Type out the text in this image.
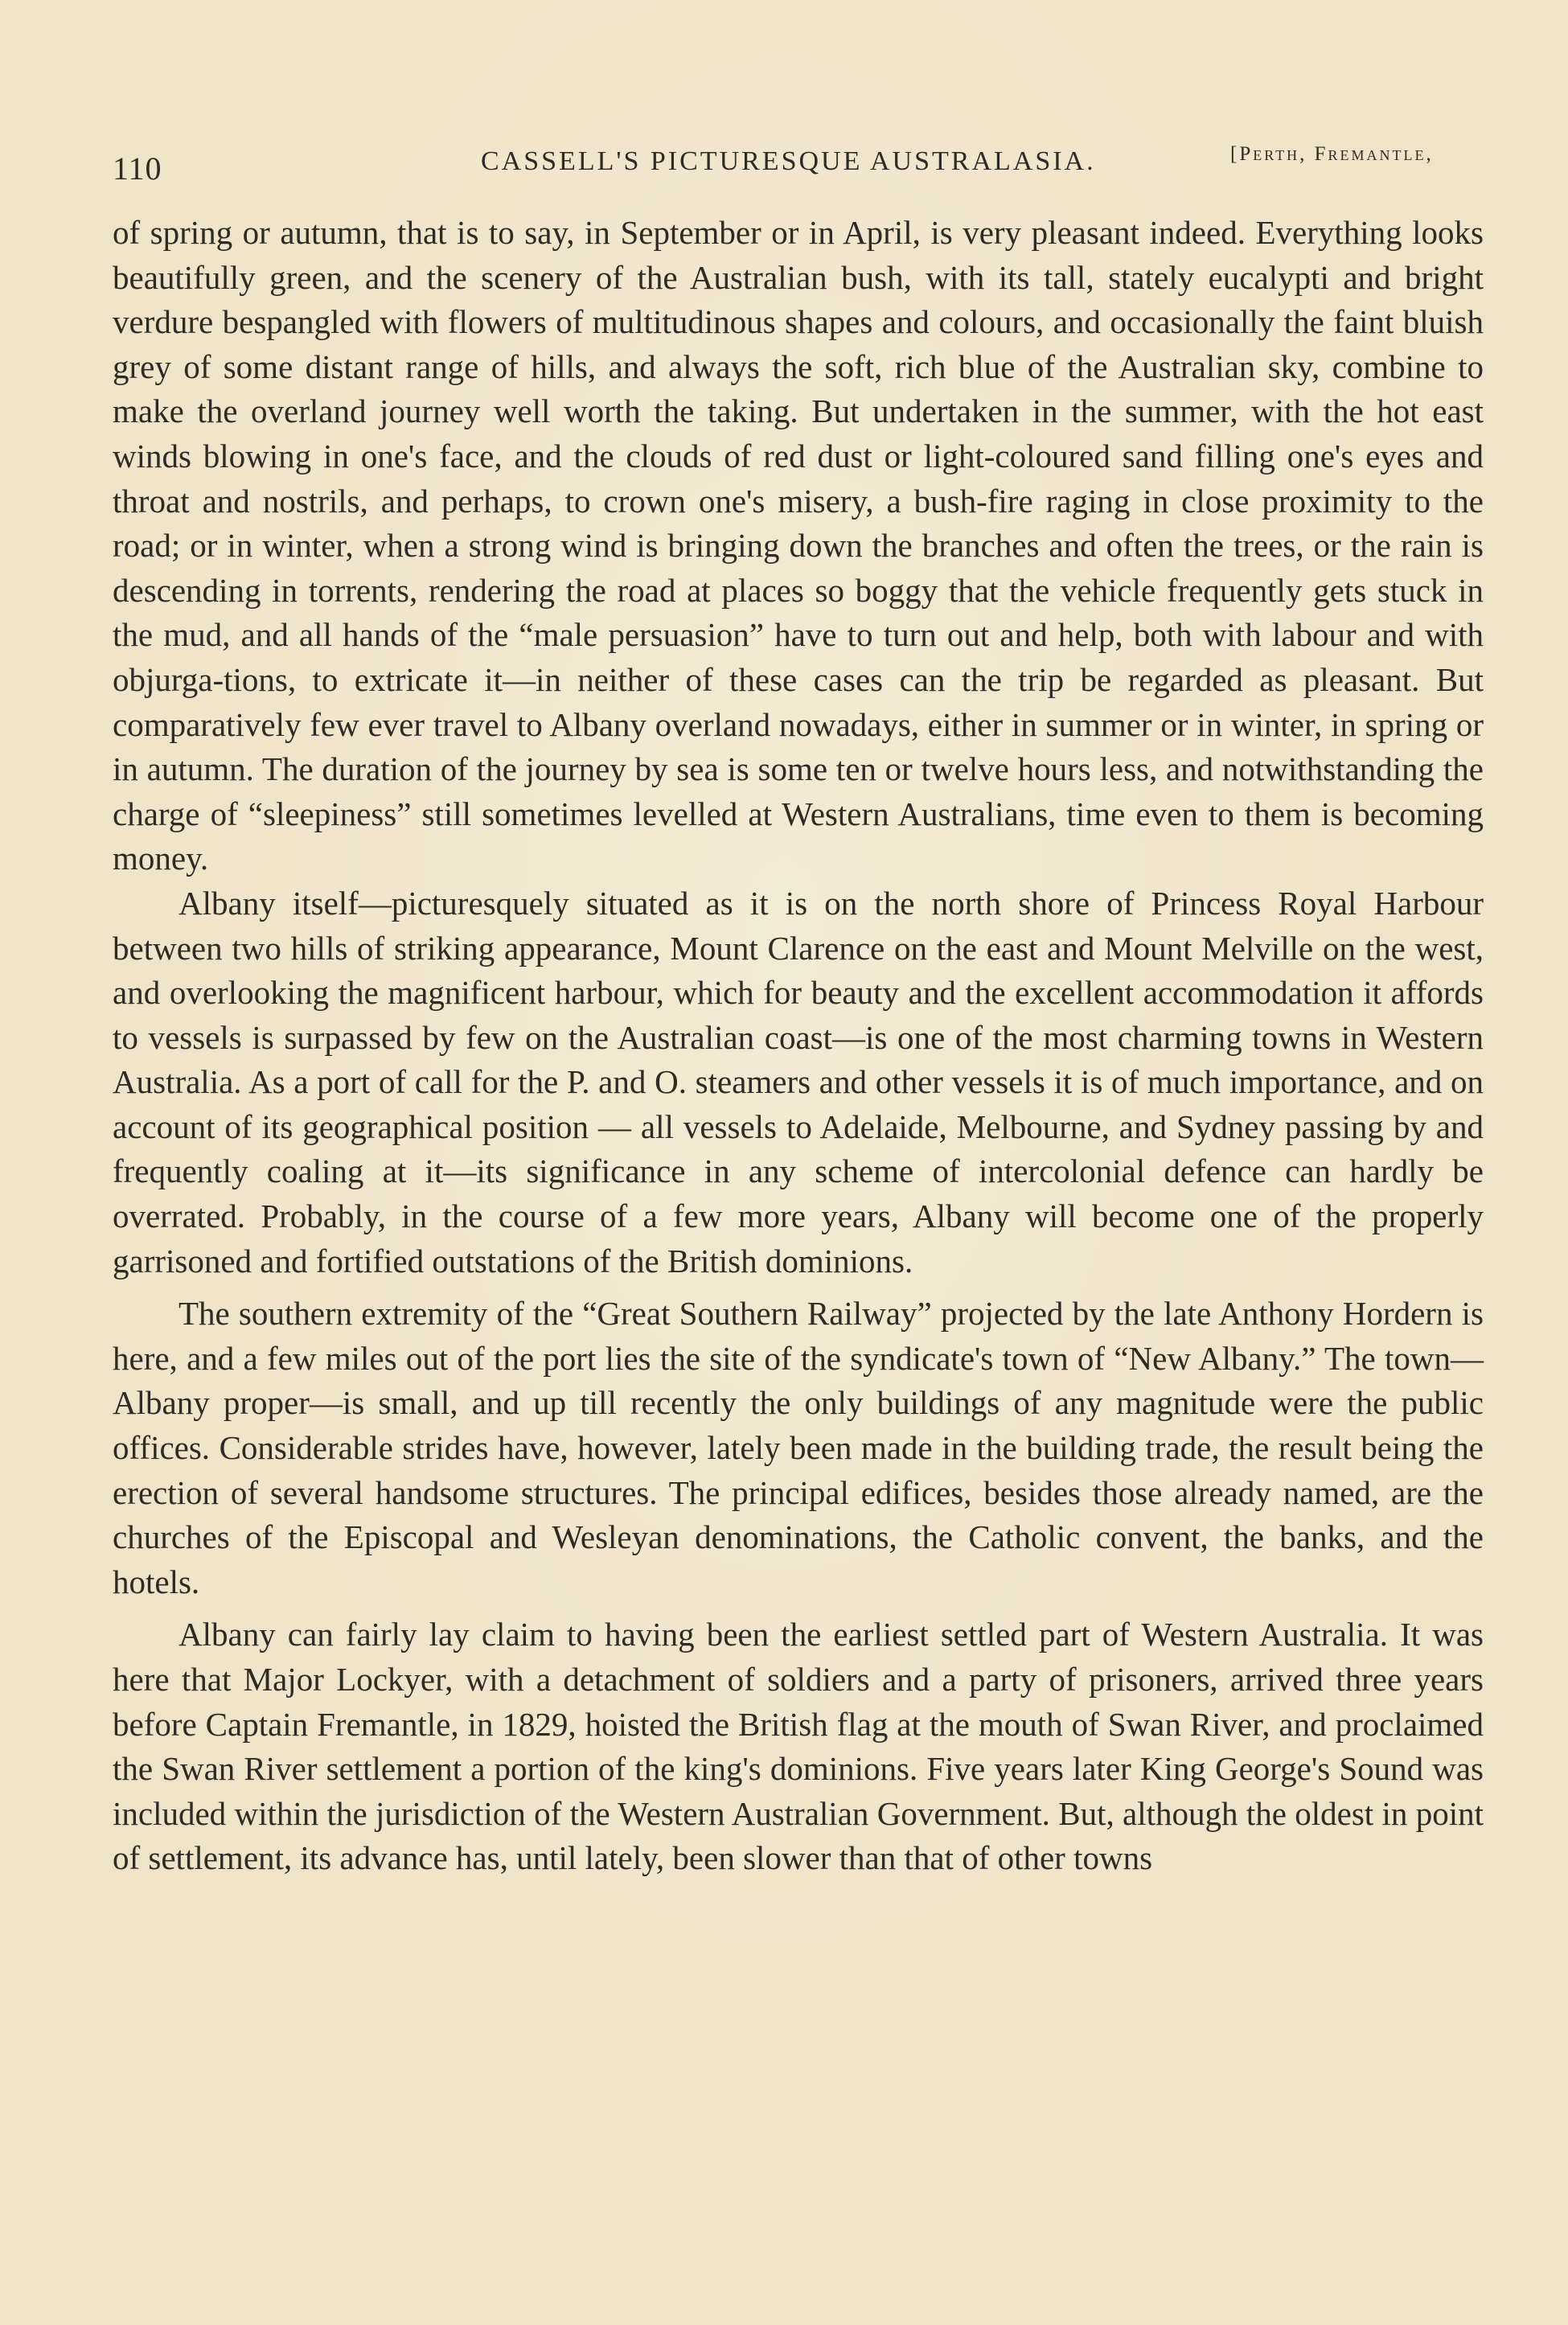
110	CASSELL'S PICTURESQUE AUSTRALASIA.	[Perth, Fremantle,

of spring or autumn, that is to say, in September or in April, is very pleasant indeed. Everything looks beautifully green, and the scenery of the Australian bush, with its tall, stately eucalypti and bright verdure bespangled with flowers of multitudinous shapes and colours, and occasionally the faint bluish grey of some distant range of hills, and always the soft, rich blue of the Australian sky, combine to make the overland journey well worth the taking. But undertaken in the summer, with the hot east winds blowing in one's face, and the clouds of red dust or light-coloured sand filling one's eyes and throat and nostrils, and perhaps, to crown one's misery, a bush-fire raging in close proximity to the road; or in winter, when a strong wind is bringing down the branches and often the trees, or the rain is descending in torrents, rendering the road at places so boggy that the vehicle frequently gets stuck in the mud, and all hands of the “male persuasion” have to turn out and help, both with labour and with objurga-tions, to extricate it—in neither of these cases can the trip be regarded as pleasant. But comparatively few ever travel to Albany overland nowadays, either in summer or in winter, in spring or in autumn. The duration of the journey by sea is some ten or twelve hours less, and notwithstanding the charge of “sleepiness” still sometimes levelled at Western Australians, time even to them is becoming money.

Albany itself—picturesquely situated as it is on the north shore of Princess Royal Harbour between two hills of striking appearance, Mount Clarence on the east and Mount Melville on the west, and overlooking the magnificent harbour, which for beauty and the excellent accommodation it affords to vessels is surpassed by few on the Australian coast—is one of the most charming towns in Western Australia. As a port of call for the P. and O. steamers and other vessels it is of much importance, and on account of its geographical position — all vessels to Adelaide, Melbourne, and Sydney passing by and frequently coaling at it—its significance in any scheme of intercolonial defence can hardly be overrated. Probably, in the course of a few more years, Albany will become one of the properly garrisoned and fortified outstations of the British dominions.

The southern extremity of the “Great Southern Railway” projected by the late Anthony Hordern is here, and a few miles out of the port lies the site of the syndicate's town of “New Albany.” The town—Albany proper—is small, and up till recently the only buildings of any magnitude were the public offices. Considerable strides have, however, lately been made in the building trade, the result being the erection of several handsome structures. The principal edifices, besides those already named, are the churches of the Episcopal and Wesleyan denominations, the Catholic convent, the banks, and the hotels.

Albany can fairly lay claim to having been the earliest settled part of Western Australia. It was here that Major Lockyer, with a detachment of soldiers and a party of prisoners, arrived three years before Captain Fremantle, in 1829, hoisted the British flag at the mouth of Swan River, and proclaimed the Swan River settlement a portion of the king's dominions. Five years later King George's Sound was included within the jurisdiction of the Western Australian Government. But, although the oldest in point of settlement, its advance has, until lately, been slower than that of other towns
